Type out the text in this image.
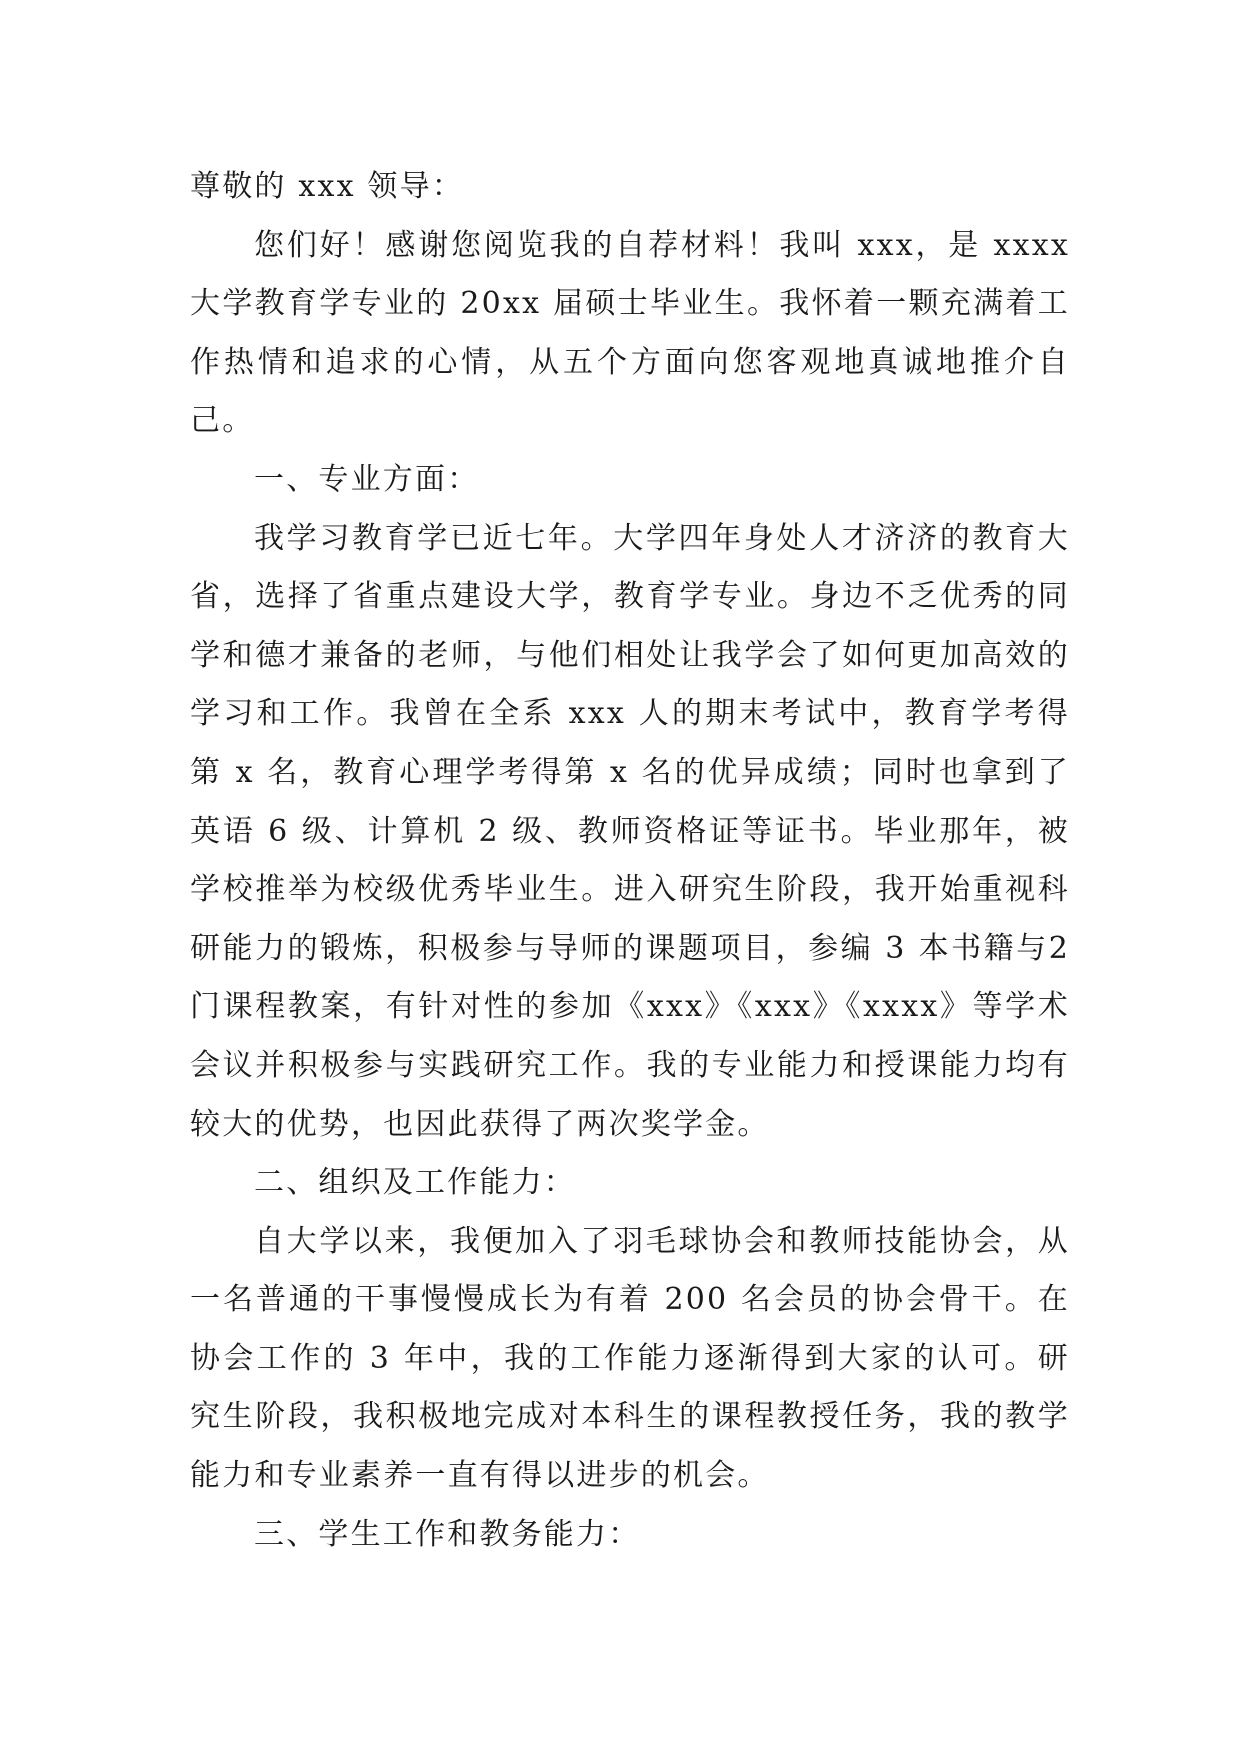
尊敬的 xxx 领导：

您们好！感谢您阅览我的自荐材料！我叫 xxx，是 xxxx 大学教育学专业的 20xx 届硕士毕业生。我怀着一颗充满着工作热情和追求的心情，从五个方面向您客观地真诚地推介自己。

一、专业方面：

我学习教育学已近七年。大学四年身处人才济济的教育大省，选择了省重点建设大学，教育学专业。身边不乏优秀的同学和德才兼备的老师，与他们相处让我学会了如何更加高效的学习和工作。我曾在全系 xxx 人的期末考试中，教育学考得第 x 名，教育心理学考得第 x 名的优异成绩；同时也拿到了英语 6 级、计算机 2 级、教师资格证等证书。毕业那年，被学校推举为校级优秀毕业生。进入研究生阶段，我开始重视科研能力的锻炼，积极参与导师的课题项目，参编 3 本书籍与2门课程教案，有针对性的参加《xxx》《xxx》《xxxx》等学术会议并积极参与实践研究工作。我的专业能力和授课能力均有较大的优势，也因此获得了两次奖学金。

二、组织及工作能力：

自大学以来，我便加入了羽毛球协会和教师技能协会，从一名普通的干事慢慢成长为有着 200 名会员的协会骨干。在协会工作的 3 年中，我的工作能力逐渐得到大家的认可。研究生阶段，我积极地完成对本科生的课程教授任务，我的教学能力和专业素养一直有得以进步的机会。

三、学生工作和教务能力：
